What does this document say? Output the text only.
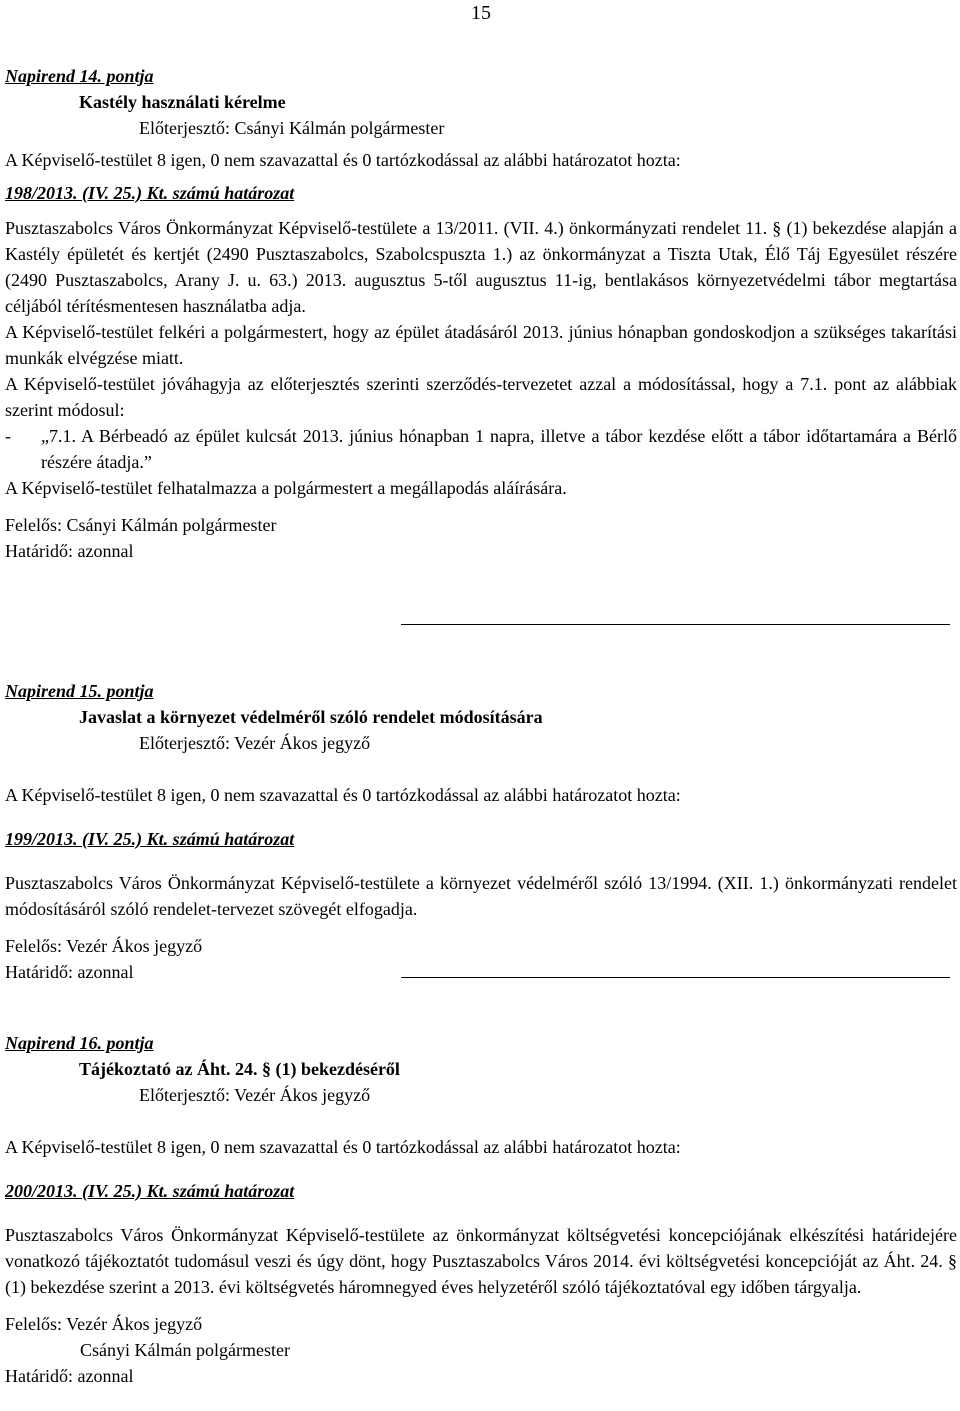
15

Napirend 14. pontja

Kastély használati kérelme

Előterjesztő: Csányi Kálmán polgármester

A Képviselő-testület 8 igen, 0 nem szavazattal és 0 tartózkodással az alábbi határozatot hozta:

198/2013. (IV. 25.) Kt. számú határozat

Pusztaszabolcs Város Önkormányzat Képviselő-testülete a 13/2011. (VII. 4.) önkormányzati rendelet 11. § (1) bekezdése alapján a Kastély épületét és kertjét (2490 Pusztaszabolcs, Szabolcspuszta 1.) az önkormányzat a Tiszta Utak, Élő Táj Egyesület részére (2490 Pusztaszabolcs, Arany J. u. 63.) 2013. augusztus 5-től augusztus 11-ig, bentlakásos környezetvédelmi tábor megtartása céljából térítésmentesen használatba adja.

A Képviselő-testület felkéri a polgármestert, hogy az épület átadásáról 2013. június hónapban gondoskodjon a szükséges takarítási munkák elvégzése miatt.

A Képviselő-testület jóváhagyja az előterjesztés szerinti szerződés-tervezetet azzal a módosítással, hogy a 7.1. pont az alábbiak szerint módosul:

- „7.1. A Bérbeadó az épület kulcsát 2013. június hónapban 1 napra, illetve a tábor kezdése előtt a tábor időtartamára a Bérlő részére átadja.”

A Képviselő-testület felhatalmazza a polgármestert a megállapodás aláírására.

Felelős: Csányi Kálmán polgármester

Határidő: azonnal

Napirend 15. pontja

Javaslat a környezet védelméről szóló rendelet módosítására

Előterjesztő: Vezér Ákos jegyző

A Képviselő-testület 8 igen, 0 nem szavazattal és 0 tartózkodással az alábbi határozatot hozta:

199/2013. (IV. 25.) Kt. számú határozat

Pusztaszabolcs Város Önkormányzat Képviselő-testülete a környezet védelméről szóló 13/1994. (XII. 1.) önkormányzati rendelet módosításáról szóló rendelet-tervezet szövegét elfogadja.

Felelős: Vezér Ákos jegyző

Határidő: azonnal

Napirend 16. pontja

Tájékoztató az Áht. 24. § (1) bekezdéséről

Előterjesztő: Vezér Ákos jegyző

A Képviselő-testület 8 igen, 0 nem szavazattal és 0 tartózkodással az alábbi határozatot hozta:

200/2013. (IV. 25.) Kt. számú határozat

Pusztaszabolcs Város Önkormányzat Képviselő-testülete az önkormányzat költségvetési koncepciójának elkészítési határidejére vonatkozó tájékoztatót tudomásul veszi és úgy dönt, hogy Pusztaszabolcs Város 2014. évi költségvetési koncepcióját az Áht. 24. § (1) bekezdése szerint a 2013. évi költségvetés háromnegyed éves helyzetéről szóló tájékoztatóval egy időben tárgyalja.

Felelős: Vezér Ákos jegyző

Csányi Kálmán polgármester

Határidő: azonnal
